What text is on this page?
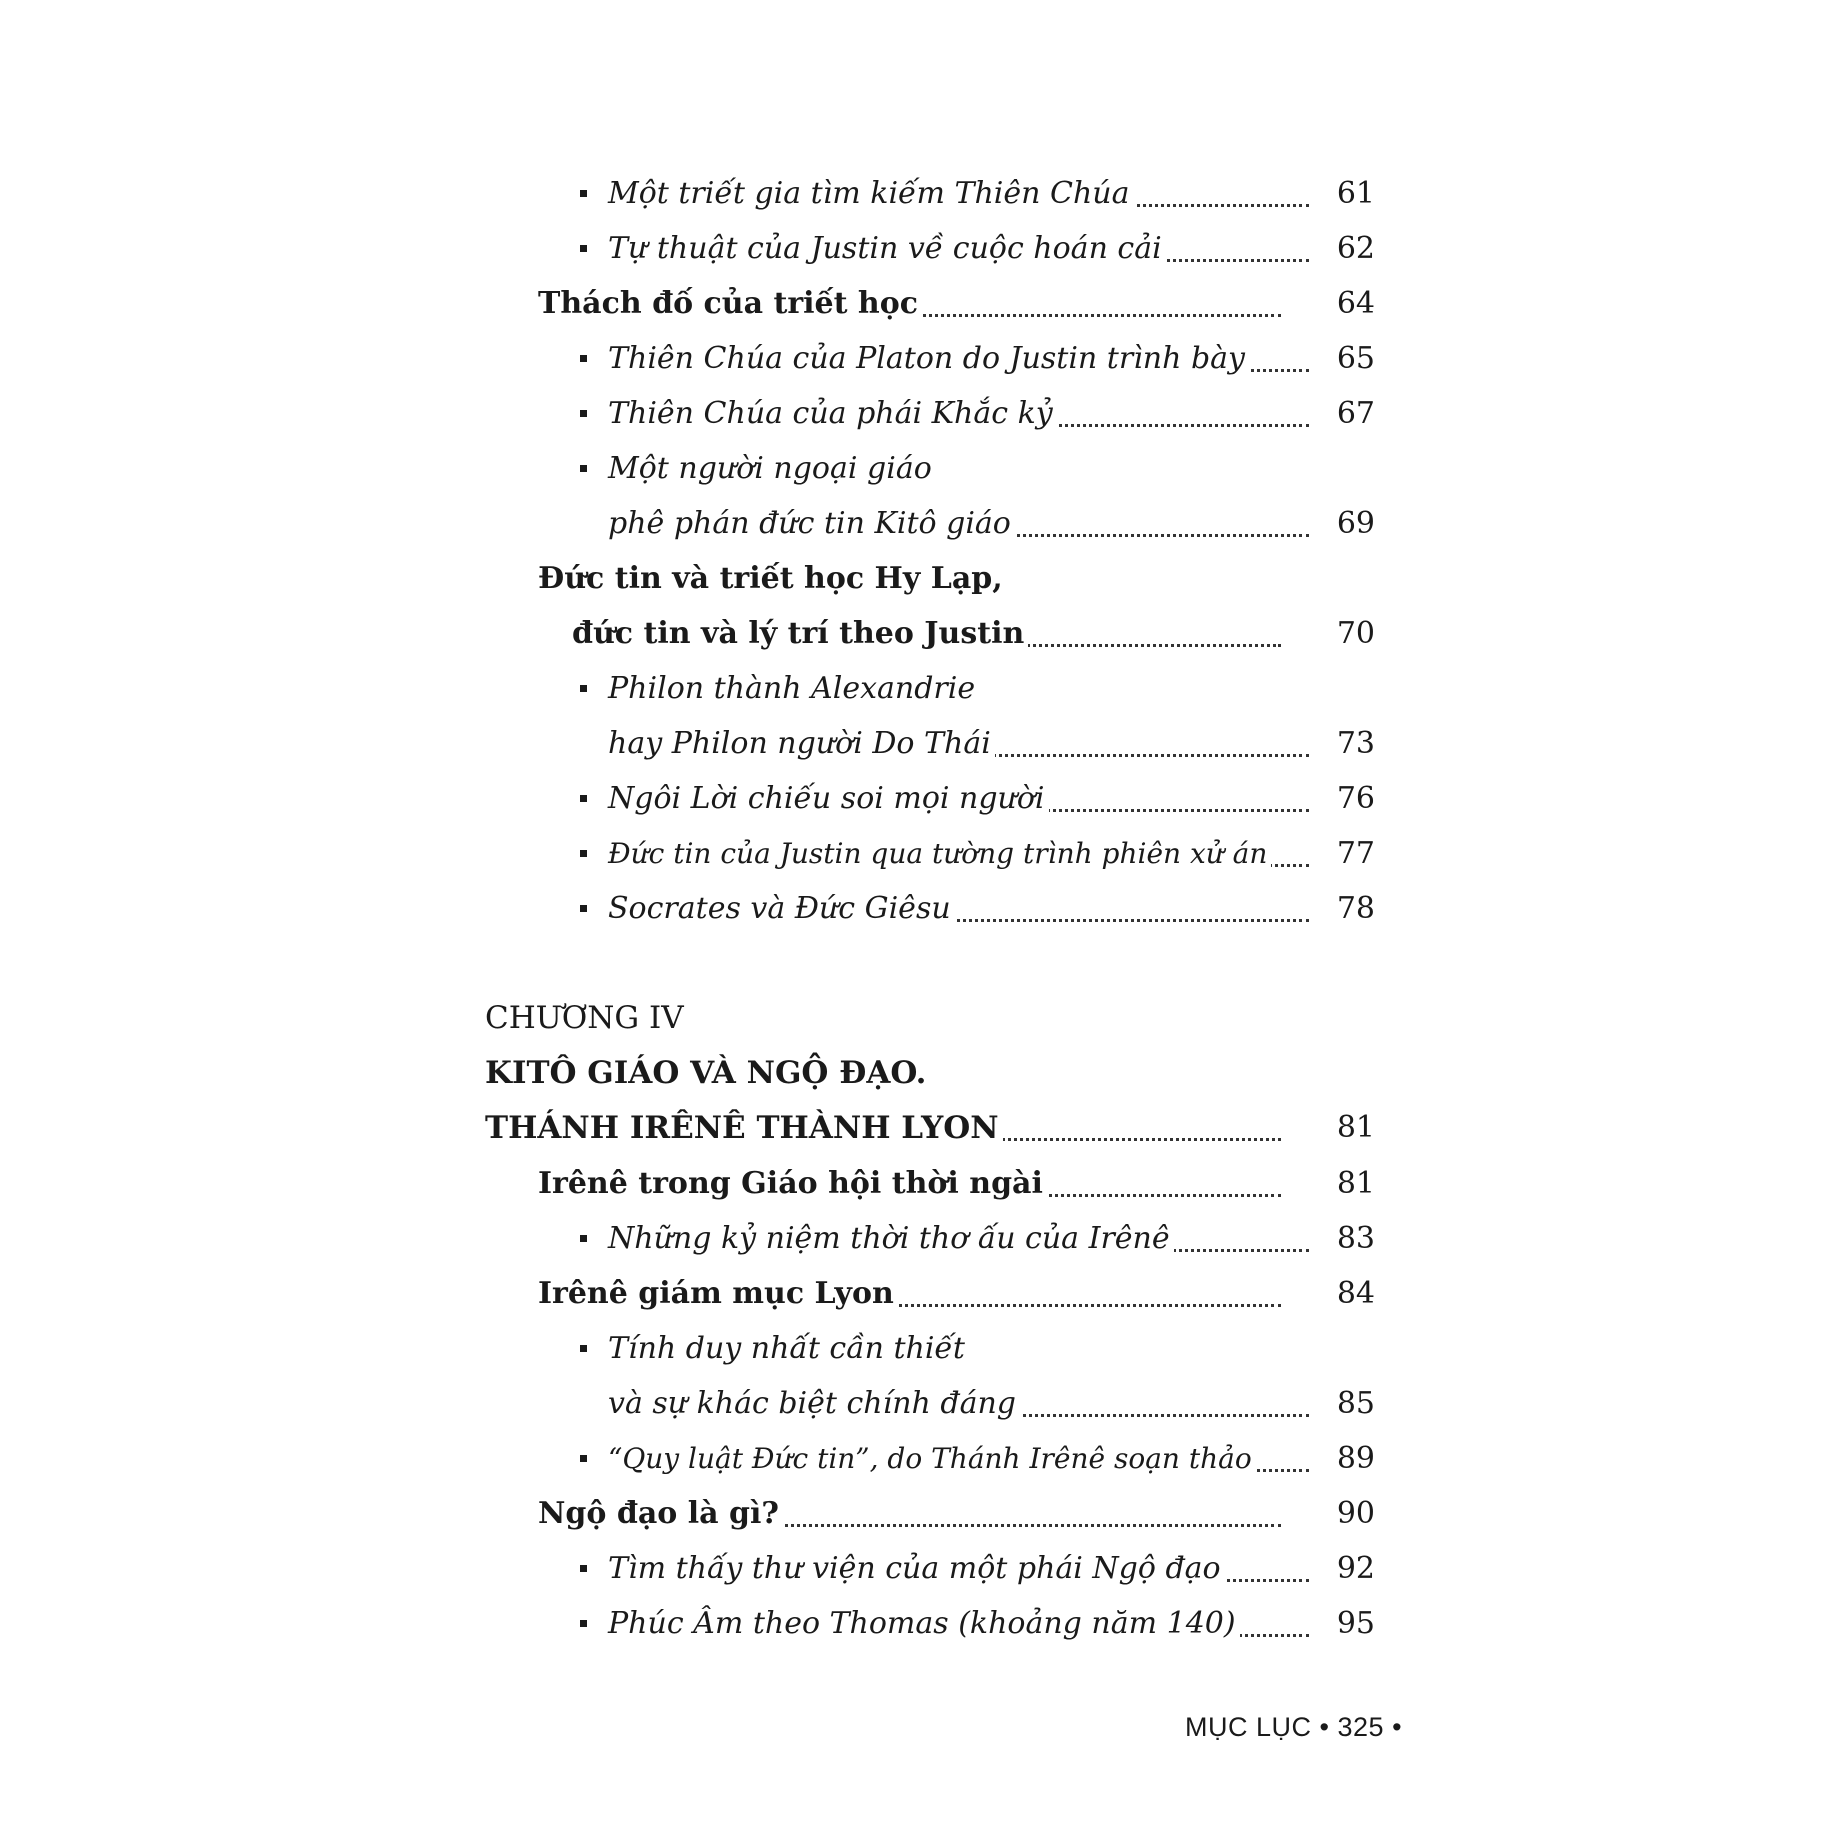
Một triết gia tìm kiếm Thiên Chúa	61
Tự thuật của Justin về cuộc hoán cải	62
Thách đố của triết học	64
Thiên Chúa của Platon do Justin trình bày	65
Thiên Chúa của phái Khắc kỷ	67
Một người ngoại giáo
phê phán đức tin Kitô giáo	69
Đức tin và triết học Hy Lạp,
đức tin và lý trí theo Justin	70
Philon thành Alexandrie
hay Philon người Do Thái	73
Ngôi Lời chiếu soi mọi người	76
Đức tin của Justin qua tường trình phiên xử án	77
Socrates và Đức Giêsu	78
CHƯƠNG IV
KITÔ GIÁO VÀ NGỘ ĐẠO.
THÁNH IRÊNÊ THÀNH LYON	81
Irênê trong Giáo hội thời ngài	81
Những kỷ niệm thời thơ ấu của Irênê	83
Irênê giám mục Lyon	84
Tính duy nhất cần thiết
và sự khác biệt chính đáng	85
“Quy luật Đức tin”, do Thánh Irênê soạn thảo	89
Ngộ đạo là gì?	90
Tìm thấy thư viện của một phái Ngộ đạo	92
Phúc Âm theo Thomas (khoảng năm 140)	95
MỤC LỤC • 325 •
